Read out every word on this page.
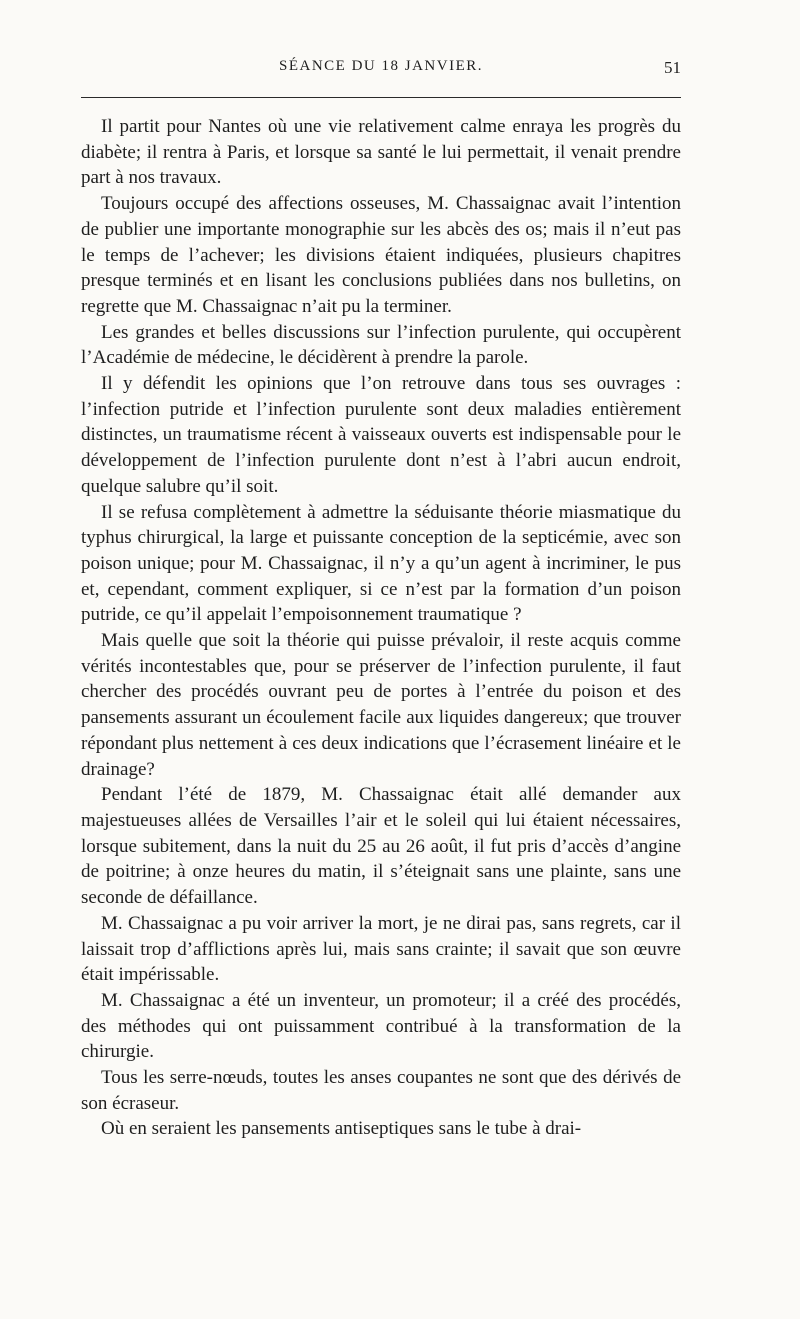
SÉANCE DU 18 JANVIER.	51

Il partit pour Nantes où une vie relativement calme enraya les progrès du diabète; il rentra à Paris, et lorsque sa santé le lui permettait, il venait prendre part à nos travaux.

Toujours occupé des affections osseuses, M. Chassaignac avait l’intention de publier une importante monographie sur les abcès des os; mais il n’eut pas le temps de l’achever; les divisions étaient indiquées, plusieurs chapitres presque terminés et en lisant les conclusions publiées dans nos bulletins, on regrette que M. Chassaignac n’ait pu la terminer.

Les grandes et belles discussions sur l’infection purulente, qui occupèrent l’Académie de médecine, le décidèrent à prendre la parole.

Il y défendit les opinions que l’on retrouve dans tous ses ouvrages : l’infection putride et l’infection purulente sont deux maladies entièrement distinctes, un traumatisme récent à vaisseaux ouverts est indispensable pour le développement de l’infection purulente dont n’est à l’abri aucun endroit, quelque salubre qu’il soit.

Il se refusa complètement à admettre la séduisante théorie miasmatique du typhus chirurgical, la large et puissante conception de la septicémie, avec son poison unique; pour M. Chassaignac, il n’y a qu’un agent à incriminer, le pus et, cependant, comment expliquer, si ce n’est par la formation d’un poison putride, ce qu’il appelait l’empoisonnement traumatique ?

Mais quelle que soit la théorie qui puisse prévaloir, il reste acquis comme vérités incontestables que, pour se préserver de l’infection purulente, il faut chercher des procédés ouvrant peu de portes à l’entrée du poison et des pansements assurant un écoulement facile aux liquides dangereux; que trouver répondant plus nettement à ces deux indications que l’écrasement linéaire et le drainage?

Pendant l’été de 1879, M. Chassaignac était allé demander aux majestueuses allées de Versailles l’air et le soleil qui lui étaient nécessaires, lorsque subitement, dans la nuit du 25 au 26 août, il fut pris d’accès d’angine de poitrine; à onze heures du matin, il s’éteignait sans une plainte, sans une seconde de défaillance.

M. Chassaignac a pu voir arriver la mort, je ne dirai pas, sans regrets, car il laissait trop d’afflictions après lui, mais sans crainte; il savait que son œuvre était impérissable.

M. Chassaignac a été un inventeur, un promoteur; il a créé des procédés, des méthodes qui ont puissamment contribué à la transformation de la chirurgie.

Tous les serre-nœuds, toutes les anses coupantes ne sont que des dérivés de son écraseur.

Où en seraient les pansements antiseptiques sans le tube à drai-
